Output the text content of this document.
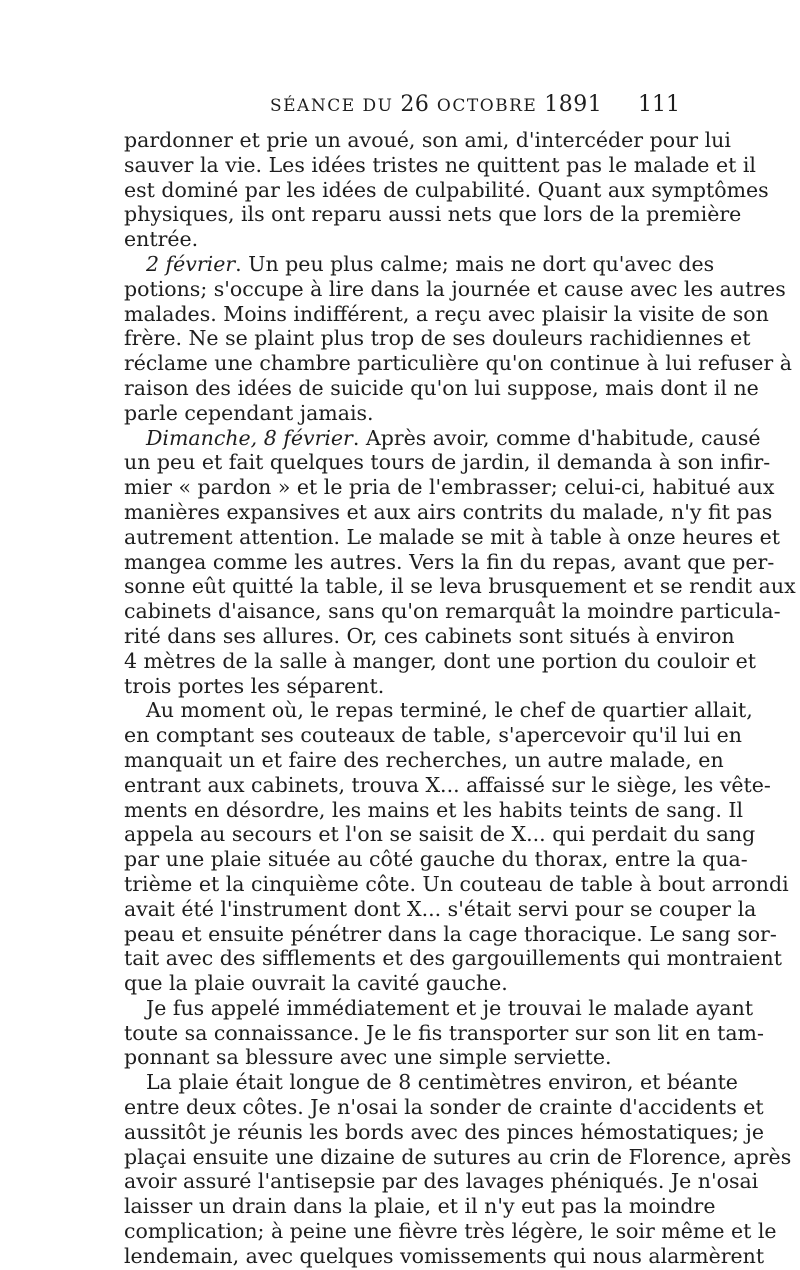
SÉANCE DU 26 OCTOBRE 1891 111
pardonner et prie un avoué, son ami, d'intercéder pour lui
sauver la vie. Les idées tristes ne quittent pas le malade et il
est dominé par les idées de culpabilité. Quant aux symptômes
physiques, ils ont reparu aussi nets que lors de la première
entrée.
2 février. Un peu plus calme; mais ne dort qu'avec des
potions; s'occupe à lire dans la journée et cause avec les autres
malades. Moins indifférent, a reçu avec plaisir la visite de son
frère. Ne se plaint plus trop de ses douleurs rachidiennes et
réclame une chambre particulière qu'on continue à lui refuser à
raison des idées de suicide qu'on lui suppose, mais dont il ne
parle cependant jamais.
Dimanche, 8 février. Après avoir, comme d'habitude, causé
un peu et fait quelques tours de jardin, il demanda à son infir-
mier « pardon » et le pria de l'embrasser; celui-ci, habitué aux
manières expansives et aux airs contrits du malade, n'y fit pas
autrement attention. Le malade se mit à table à onze heures et
mangea comme les autres. Vers la fin du repas, avant que per-
sonne eût quitté la table, il se leva brusquement et se rendit aux
cabinets d'aisance, sans qu'on remarquât la moindre particula-
rité dans ses allures. Or, ces cabinets sont situés à environ
4 mètres de la salle à manger, dont une portion du couloir et
trois portes les séparent.
Au moment où, le repas terminé, le chef de quartier allait,
en comptant ses couteaux de table, s'apercevoir qu'il lui en
manquait un et faire des recherches, un autre malade, en
entrant aux cabinets, trouva X... affaissé sur le siège, les vête-
ments en désordre, les mains et les habits teints de sang. Il
appela au secours et l'on se saisit de X... qui perdait du sang
par une plaie située au côté gauche du thorax, entre la qua-
trième et la cinquième côte. Un couteau de table à bout arrondi
avait été l'instrument dont X... s'était servi pour se couper la
peau et ensuite pénétrer dans la cage thoracique. Le sang sor-
tait avec des sifflements et des gargouillements qui montraient
que la plaie ouvrait la cavité gauche.
Je fus appelé immédiatement et je trouvai le malade ayant
toute sa connaissance. Je le fis transporter sur son lit en tam-
ponnant sa blessure avec une simple serviette.
La plaie était longue de 8 centimètres environ, et béante
entre deux côtes. Je n'osai la sonder de crainte d'accidents et
aussitôt je réunis les bords avec des pinces hémostatiques; je
plaçai ensuite une dizaine de sutures au crin de Florence, après
avoir assuré l'antisepsie par des lavages phéniqués. Je n'osai
laisser un drain dans la plaie, et il n'y eut pas la moindre
complication; à peine une fièvre très légère, le soir même et le
lendemain, avec quelques vomissements qui nous alarmèrent
